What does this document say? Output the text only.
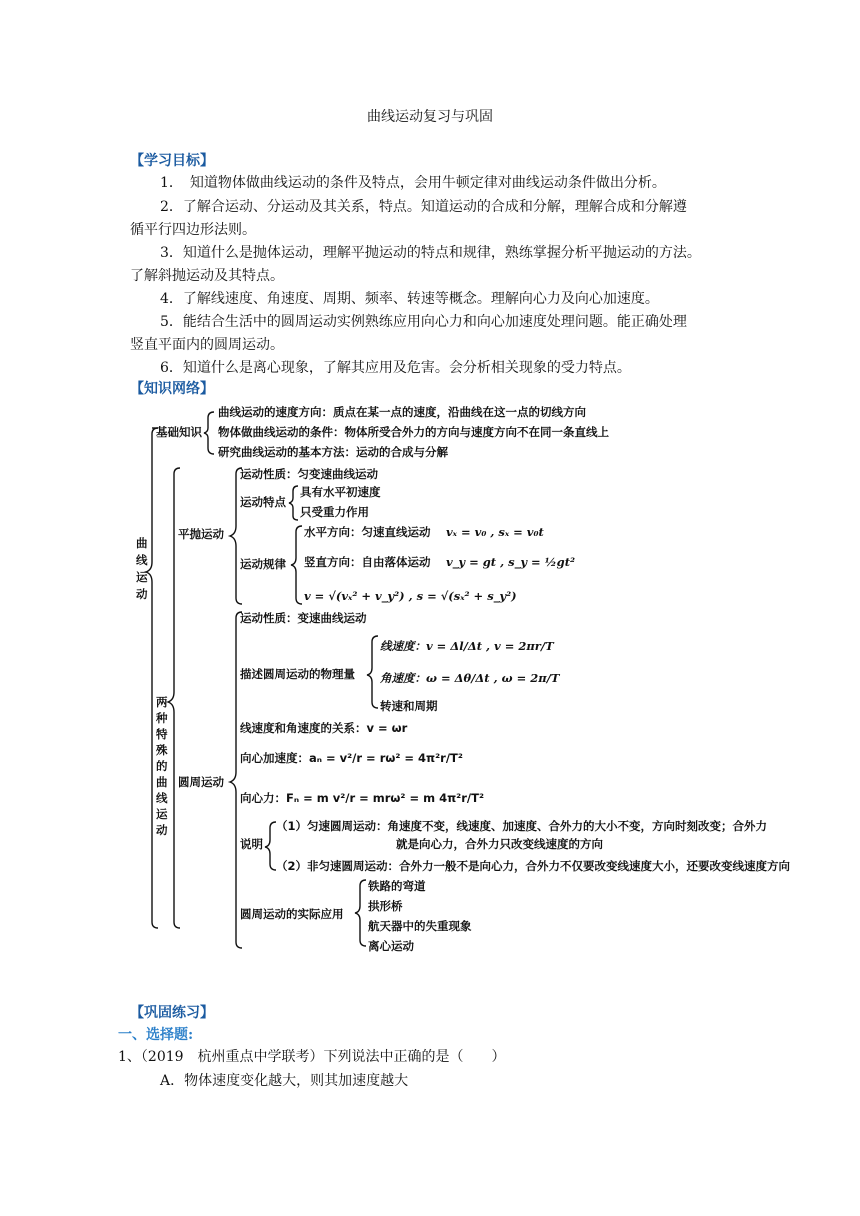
曲线运动复习与巩固
【学习目标】
1．　知道物体做曲线运动的条件及特点，会用牛顿定律对曲线运动条件做出分析。
2．了解合运动、分运动及其关系，特点。知道运动的合成和分解，理解合成和分解遵
循平行四边形法则。
3．知道什么是抛体运动，理解平抛运动的特点和规律，熟练掌握分析平抛运动的方法。
了解斜抛运动及其特点。
4．了解线速度、角速度、周期、频率、转速等概念。理解向心力及向心加速度。
5．能结合生活中的圆周运动实例熟练应用向心力和向心加速度处理问题。能正确处理
竖直平面内的圆周运动。
6．知道什么是离心现象，了解其应用及危害。会分析相关现象的受力特点。
【知识网络】
曲
线
运
动
基础知识
曲线运动的速度方向：质点在某一点的速度，沿曲线在这一点的切线方向
物体做曲线运动的条件：物体所受合外力的方向与速度方向不在同一条直线上
研究曲线运动的基本方法：运动的合成与分解
两
种
特
殊
的
曲
线
运
动
平抛运动
运动性质：匀变速曲线运动
运动特点
具有水平初速度
只受重力作用
运动规律
水平方向：匀速直线运动 vₓ = v₀ , sₓ = v₀t
竖直方向：自由落体运动 v_y = gt , s_y = ½gt²
v = √(vₓ² + v_y²) , s = √(sₓ² + s_y²)
圆周运动
运动性质：变速曲线运动
描述圆周运动的物理量
线速度：v = Δl/Δt , v = 2πr/T
角速度：ω = Δθ/Δt , ω = 2π/T
转速和周期
线速度和角速度的关系：v = ωr
向心加速度：aₙ = v²/r = rω² = 4π²r/T²
向心力：Fₙ = m v²/r = mrω² = m 4π²r/T²
说明
（1）匀速圆周运动：角速度不变，线速度、加速度、合外力的大小不变，方向时刻改变；合外力
就是向心力，合外力只改变线速度的方向
（2）非匀速圆周运动：合外力一般不是向心力，合外力不仅要改变线速度大小，还要改变线速度方向
圆周运动的实际应用
铁路的弯道
拱形桥
航天器中的失重现象
离心运动
【巩固练习】
一、选择题:
1、（2019　杭州重点中学联考）下列说法中正确的是（　　）
A．物体速度变化越大，则其加速度越大
